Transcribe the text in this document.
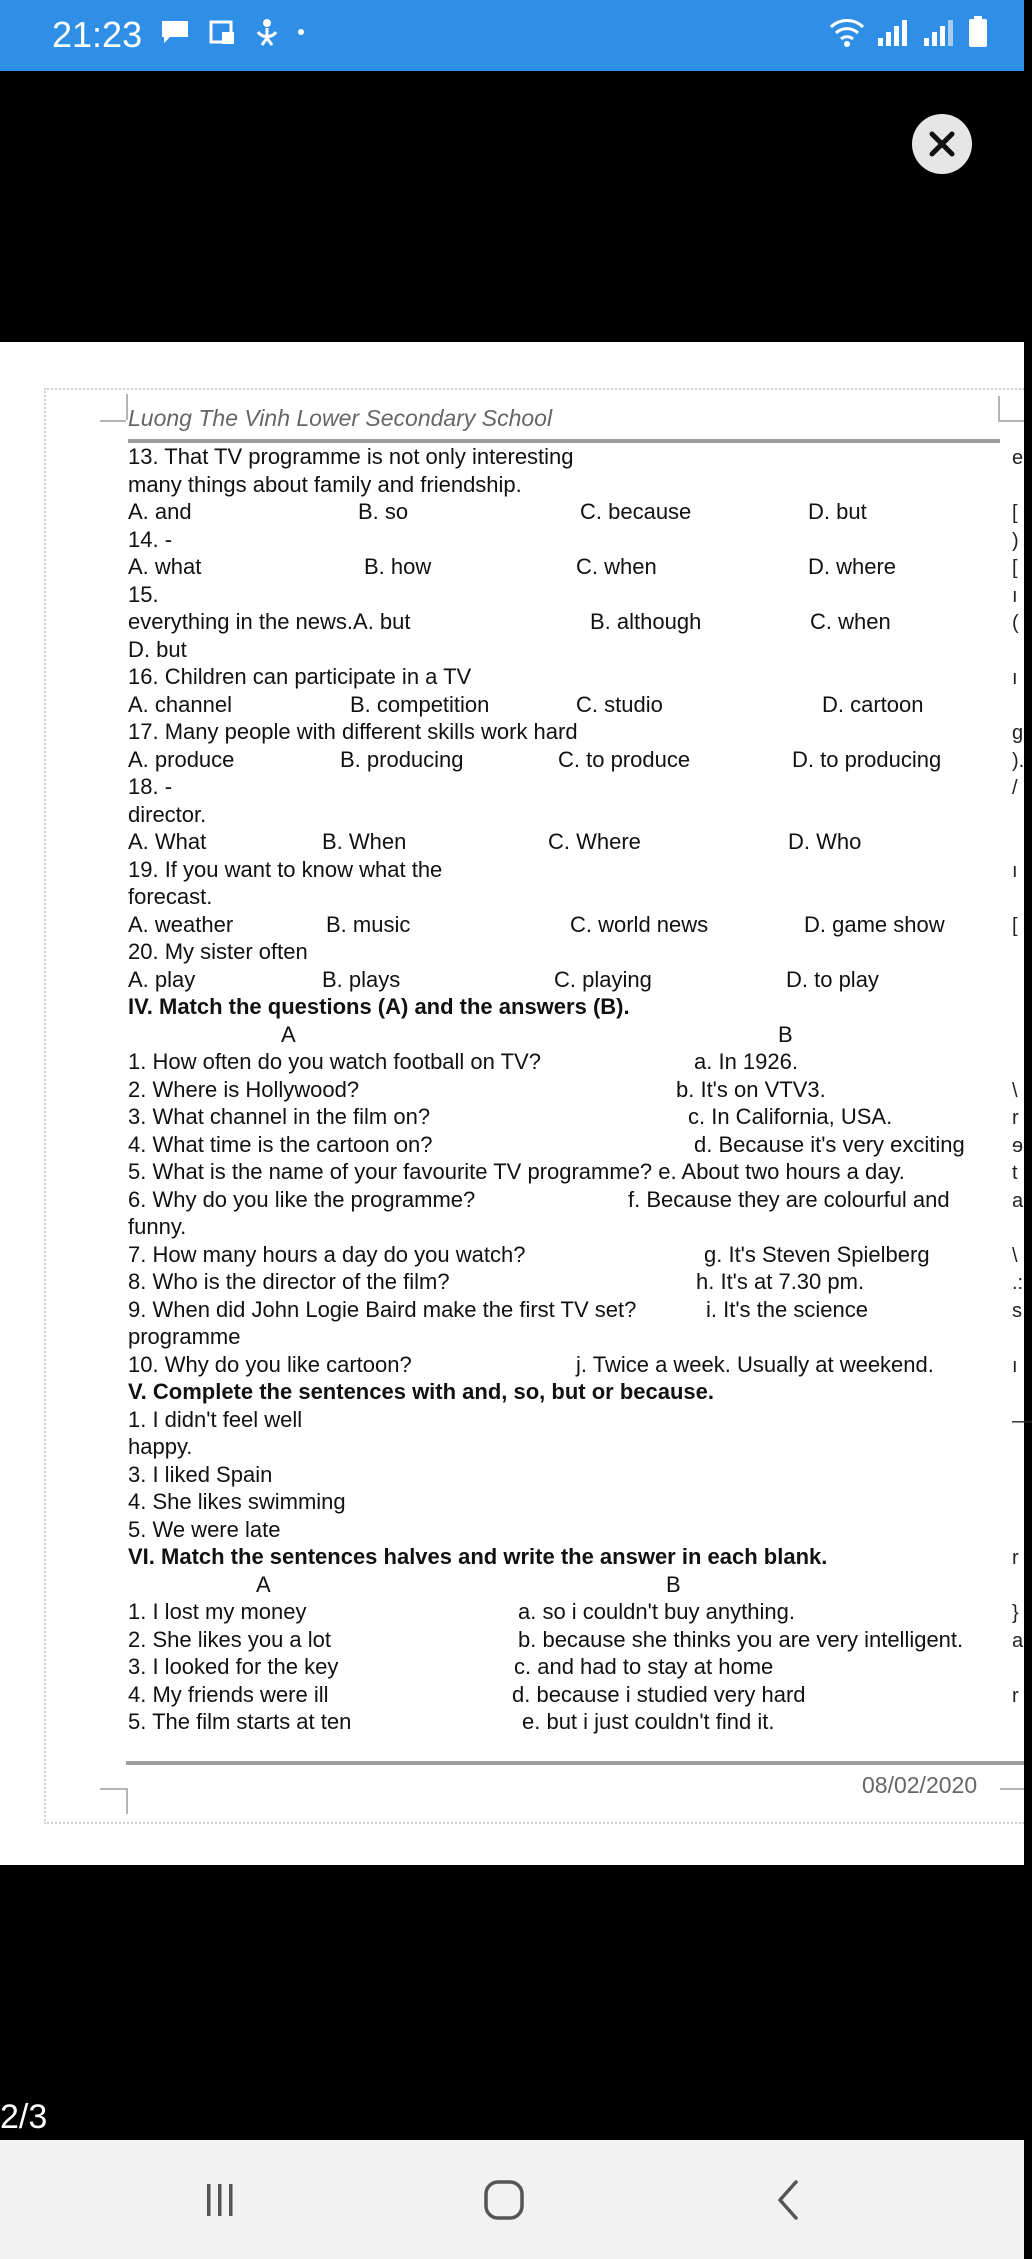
21:23
Luong The Vinh Lower Secondary School
13. That TV programme is not only interesting
many things about family and friendship.
A. and	B. so	C. because	D. but
14. -
A. what	B. how	C. when	D. where
15.
everything in the news.A. but	B. although	C. when
D. but
16. Children can participate in a TV
A. channel	B. competition	C. studio	D. cartoon
17. Many people with different skills work hard
A. produce	B. producing	C. to produce	D. to producing
18. -
director.
A. What	B. When	C. Where	D. Who
19. If you want to know what the
forecast.
A. weather	B. music	C. world news	D. game show
20. My sister often
A. play	B. plays	C. playing	D. to play
IV. Match the questions (A) and the answers (B).
A	B
1. How often do you watch football on TV?	a. In 1926.
2. Where is Hollywood?	b. It's on VTV3.
3. What channel in the film on?	c. In California, USA.
4. What time is the cartoon on?	d. Because it's very exciting
5. What is the name of your favourite TV programme? e. About two hours a day.
6. Why do you like the programme?	f. Because they are colourful and
funny.
7. How many hours a day do you watch?	g. It's Steven Spielberg
8. Who is the director of the film?	h. It's at 7.30 pm.
9. When did John Logie Baird make the first TV set?	i. It's the science
programme
10. Why do you like cartoon?	j. Twice a week. Usually at weekend.
V. Complete the sentences with and, so, but or because.
1. I didn't feel well
happy.
3. I liked Spain
4. She likes swimming
5. We were late
VI. Match the sentences halves and write the answer in each blank.
A	B
1. I lost my money	a. so i couldn't buy anything.
2. She likes you a lot	b. because she thinks you are very intelligent.
3. I looked for the key	c. and had to stay at home
4. My friends were ill	d. because i studied very hard
5. The film starts at ten	e. but i just couldn't find it.
e
[
)
[
ı
(
ı
g
).
/
ı
[
\
r
ɘ
t
a
\
.:
s
ı
—
r
}
a
r
08/02/2020
2/3
